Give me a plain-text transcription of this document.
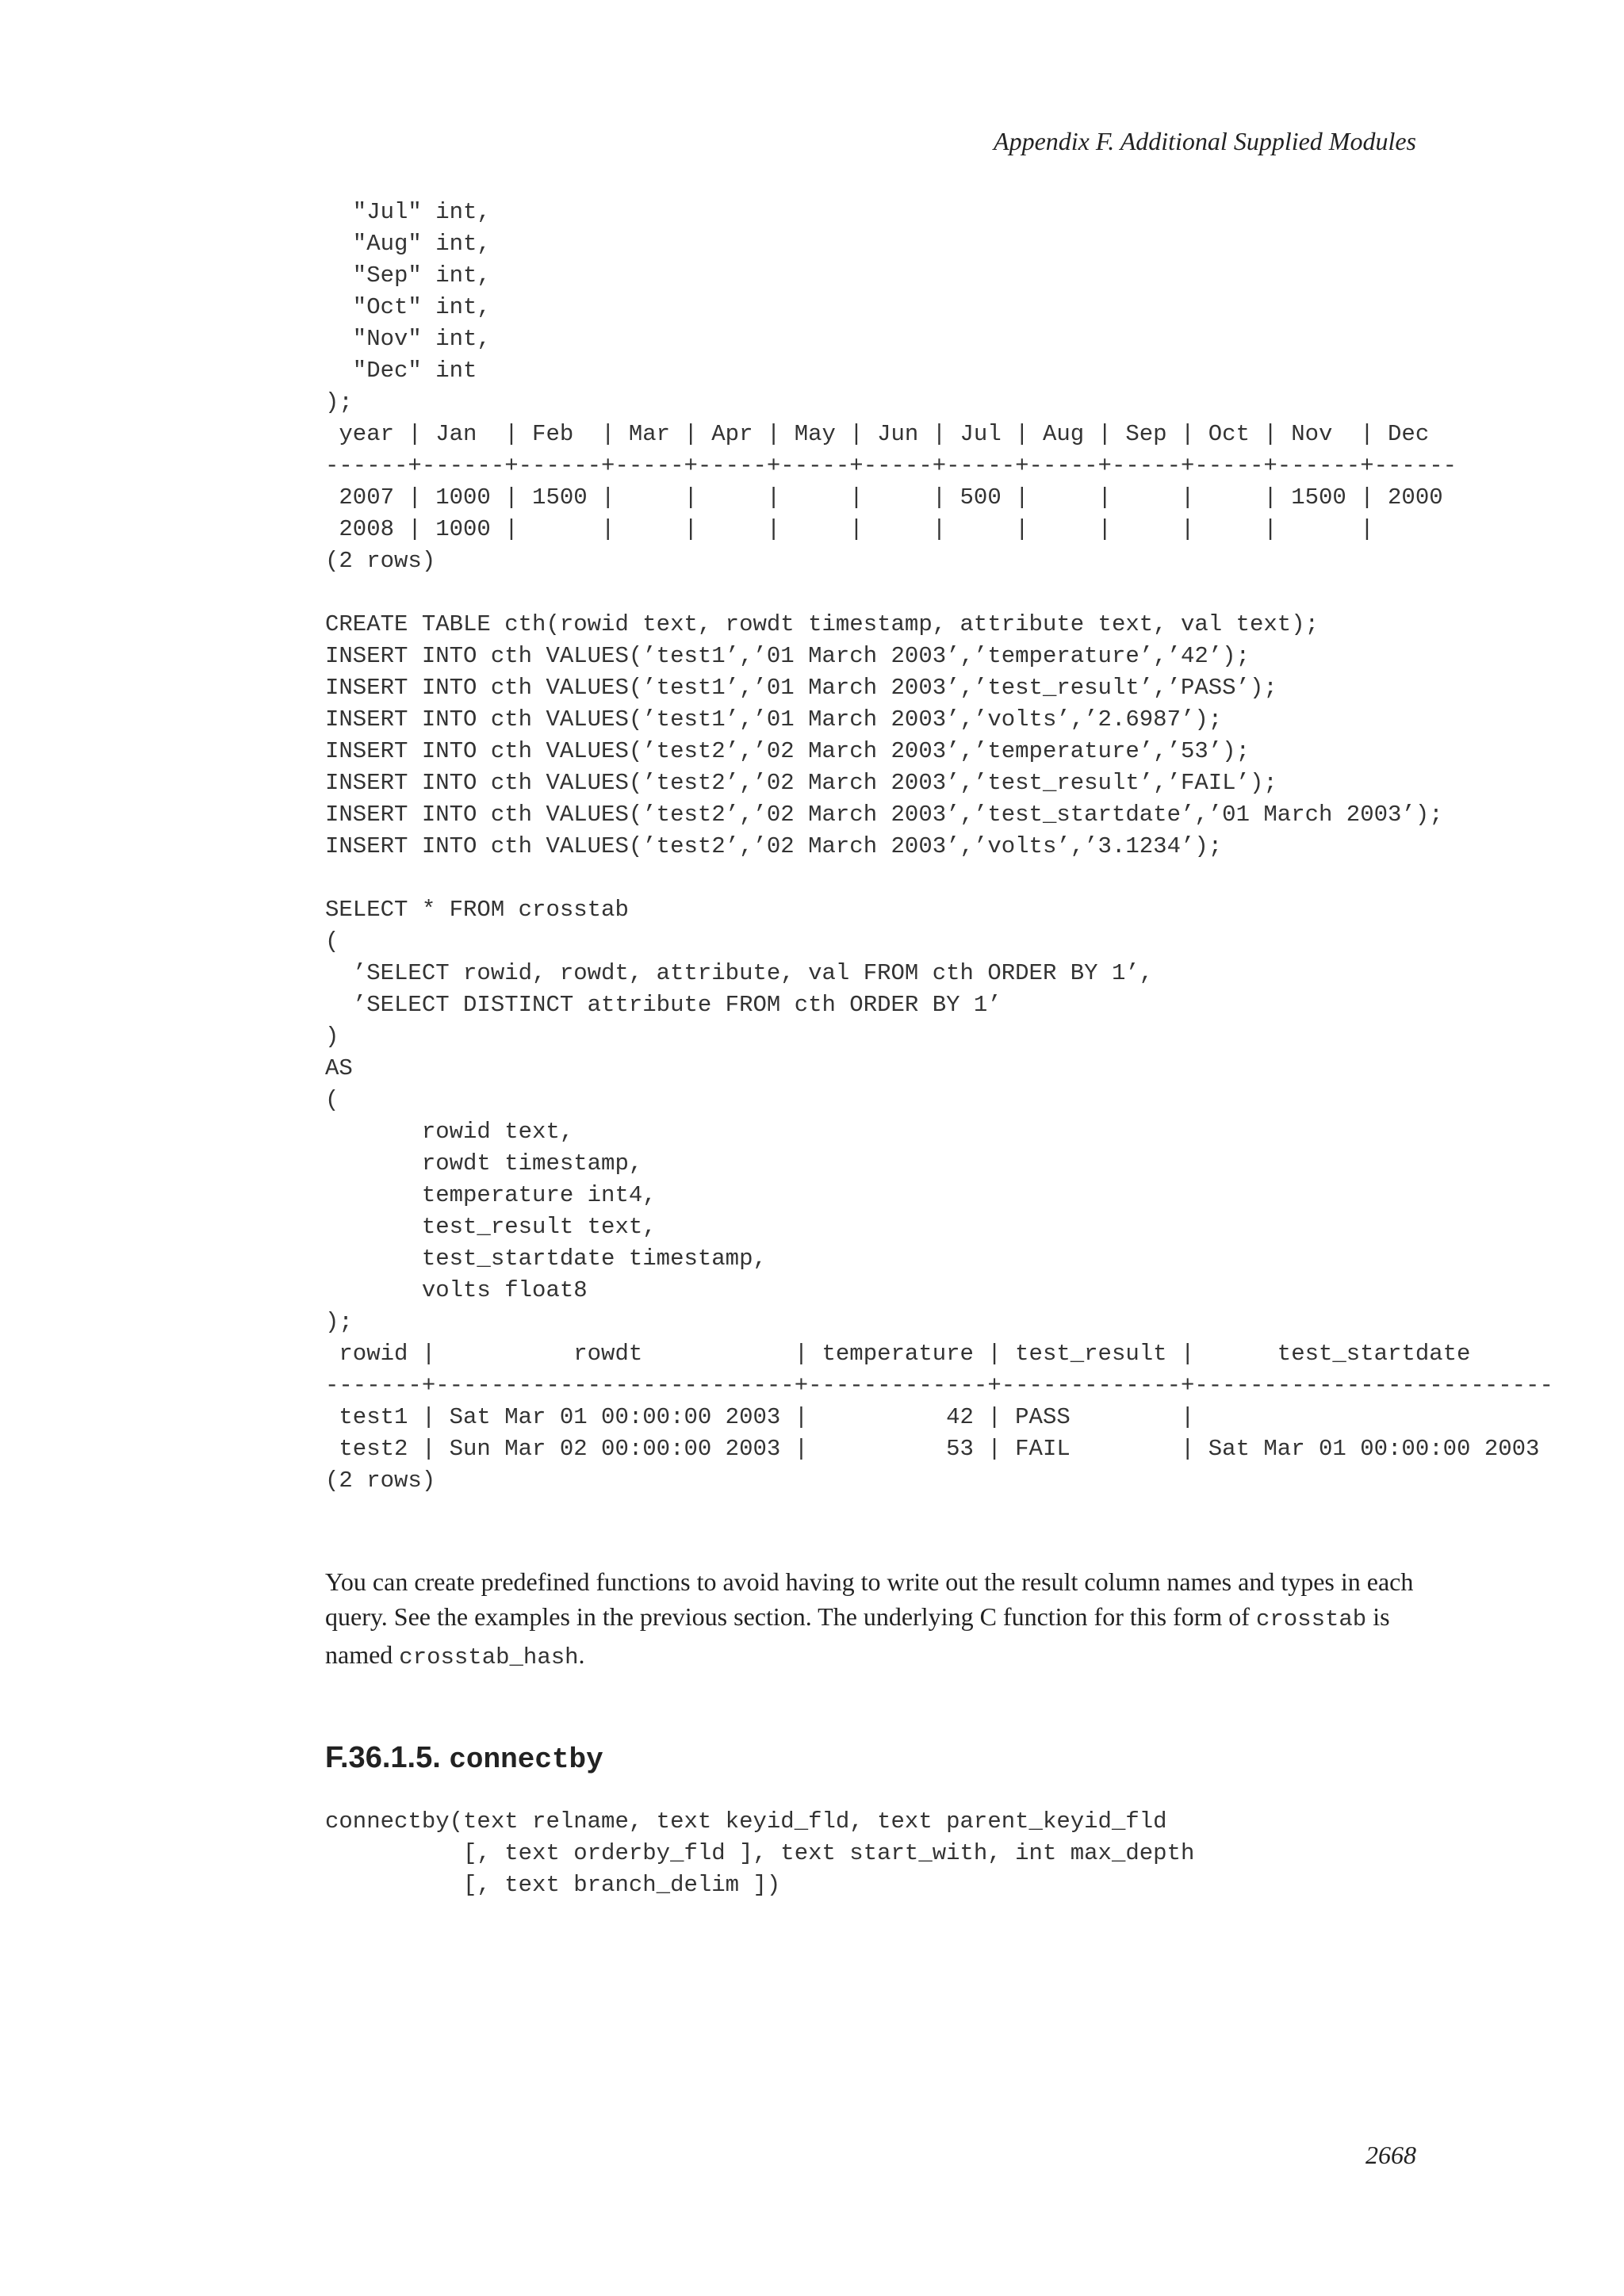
Appendix F. Additional Supplied Modules
"Jul" int,
"Aug" int,
"Sep" int,
"Oct" int,
"Nov" int,
"Dec" int
);
year | Jan  | Feb  | Mar | Apr | May | Jun | Jul | Aug | Sep | Oct | Nov  | Dec
------+------+------+-----+-----+-----+-----+-----+-----+-----+-----+------+------
2007 | 1000 | 1500 |     |     |     |     | 500 |     |     |     | 1500 | 2000
2008 | 1000 |      |     |     |     |     |     |     |     |     |      |
(2 rows)
CREATE TABLE cth(rowid text, rowdt timestamp, attribute text, val text);
INSERT INTO cth VALUES(’test1’,’01 March 2003’,’temperature’,’42’);
INSERT INTO cth VALUES(’test1’,’01 March 2003’,’test_result’,’PASS’);
INSERT INTO cth VALUES(’test1’,’01 March 2003’,’volts’,’2.6987’);
INSERT INTO cth VALUES(’test2’,’02 March 2003’,’temperature’,’53’);
INSERT INTO cth VALUES(’test2’,’02 March 2003’,’test_result’,’FAIL’);
INSERT INTO cth VALUES(’test2’,’02 March 2003’,’test_startdate’,’01 March 2003’);
INSERT INTO cth VALUES(’test2’,’02 March 2003’,’volts’,’3.1234’);
SELECT * FROM crosstab
(
’SELECT rowid, rowdt, attribute, val FROM cth ORDER BY 1’,
’SELECT DISTINCT attribute FROM cth ORDER BY 1’
)
AS
(
rowid text,
rowdt timestamp,
temperature int4,
test_result text,
test_startdate timestamp,
volts float8
);
rowid |          rowdt           | temperature | test_result |      test_startdate
-------+--------------------------+-------------+-------------+--------------------------
test1 | Sat Mar 01 00:00:00 2003 |          42 | PASS        |
test2 | Sun Mar 02 00:00:00 2003 |          53 | FAIL        | Sat Mar 01 00:00:00 2003
(2 rows)

You can create predefined functions to avoid having to write out the result column names and types in each query. See the examples in the previous section. The underlying C function for this form of crosstab is named crosstab_hash.

F.36.1.5. connectby
connectby(text relname, text keyid_fld, text parent_keyid_fld
[, text orderby_fld ], text start_with, int max_depth
[, text branch_delim ])
2668
